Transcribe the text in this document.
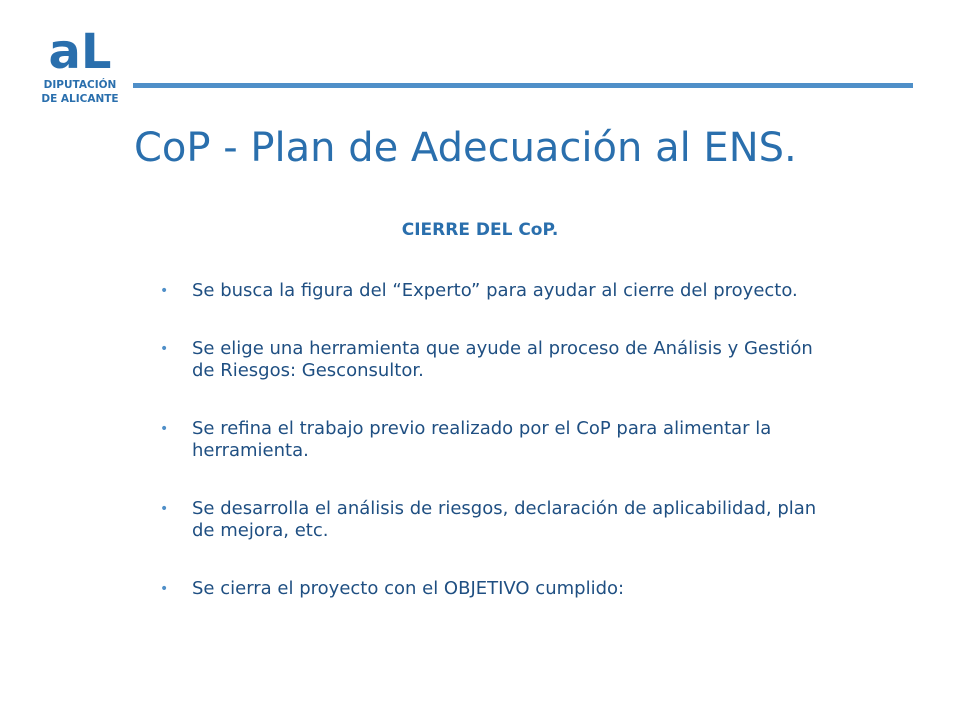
aL
DIPUTACIÓN
DE ALICANTE
CoP - Plan de Adecuación al ENS.
CIERRE DEL CoP.
• Se busca la figura del “Experto” para ayudar al cierre del proyecto.
• Se elige una herramienta que ayude al proceso de Análisis y Gestión de Riesgos: Gesconsultor.
• Se refina el trabajo previo realizado por el CoP para alimentar la herramienta.
• Se desarrolla el análisis de riesgos, declaración de aplicabilidad, plan de mejora, etc.
• Se cierra el proyecto con el OBJETIVO cumplido:
